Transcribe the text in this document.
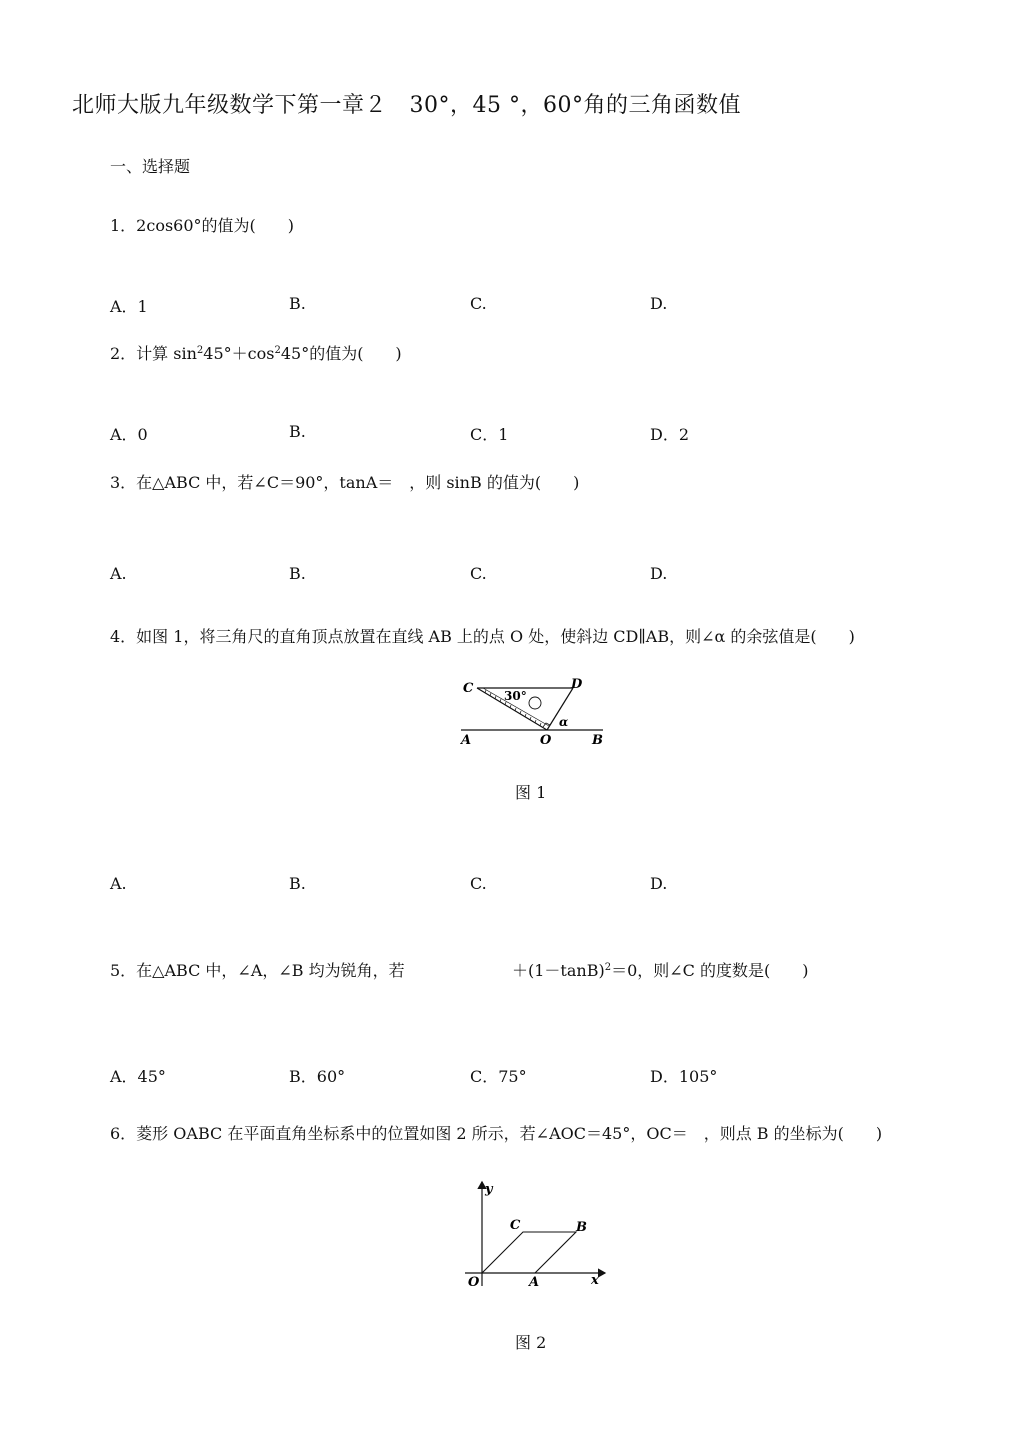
北师大版九年级数学下第一章２　30°，45 °，60°角的三角函数值
一、选择题
1．2cos60°的值为(　　)
A．1	B.	C.	D.
2．计算 $\sin^245^\circ+\cos^245^\circ$的值为(　　)
A．0	B.	C．1	D．2
3．在△ABC 中，若∠C＝90°，tanA＝　，则 sinB 的值为(　　)
A.	B.	C.	D.
4．如图 1，将三角尺的直角顶点放置在直线 AB 上的点 O 处，使斜边 CD∥AB，则∠α 的余弦值是(　　)
C	30°
D
α
A	O	B
图 1
A.	B.	C.	D.
5．在△ABC 中，∠A，∠B 均为锐角，若	$+(1-\tan B)^2=0$，则∠C 的度数是(　　)
A．45°	B．60°	C．75°	D．105°
6．菱形 OABC 在平面直角坐标系中的位置如图 2 所示，若∠AOC＝45°，OC＝　，则点 B 的坐标为(　　)
y
x
O	A
C	B
图 2
